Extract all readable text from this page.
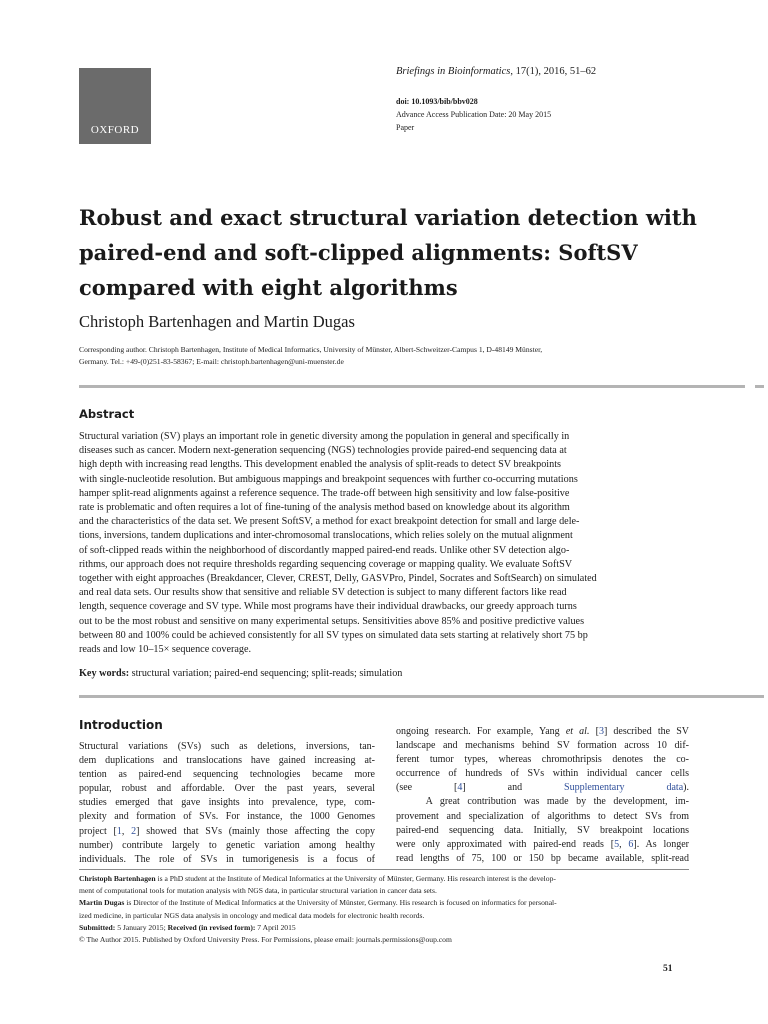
OXFORD
Briefings in Bioinformatics, 17(1), 2016, 51–62
doi: 10.1093/bib/bbv028
Advance Access Publication Date: 20 May 2015
Paper
Robust and exact structural variation detection with
paired-end and soft-clipped alignments: SoftSV
compared with eight algorithms
Christoph Bartenhagen and Martin Dugas
Corresponding author. Christoph Bartenhagen, Institute of Medical Informatics, University of Münster, Albert-Schweitzer-Campus 1, D-48149 Münster,
Germany. Tel.: +49-(0)251-83-58367; E-mail: christoph.bartenhagen@uni-muenster.de
Abstract
Structural variation (SV) plays an important role in genetic diversity among the population in general and specifically in
diseases such as cancer. Modern next-generation sequencing (NGS) technologies provide paired-end sequencing data at
high depth with increasing read lengths. This development enabled the analysis of split-reads to detect SV breakpoints
with single-nucleotide resolution. But ambiguous mappings and breakpoint sequences with further co-occurring mutations
hamper split-read alignments against a reference sequence. The trade-off between high sensitivity and low false-positive
rate is problematic and often requires a lot of fine-tuning of the analysis method based on knowledge about its algorithm
and the characteristics of the data set. We present SoftSV, a method for exact breakpoint detection for small and large dele-
tions, inversions, tandem duplications and inter-chromosomal translocations, which relies solely on the mutual alignment
of soft-clipped reads within the neighborhood of discordantly mapped paired-end reads. Unlike other SV detection algo-
rithms, our approach does not require thresholds regarding sequencing coverage or mapping quality. We evaluate SoftSV
together with eight approaches (Breakdancer, Clever, CREST, Delly, GASVPro, Pindel, Socrates and SoftSearch) on simulated
and real data sets. Our results show that sensitive and reliable SV detection is subject to many different factors like read
length, sequence coverage and SV type. While most programs have their individual drawbacks, our greedy approach turns
out to be the most robust and sensitive on many experimental setups. Sensitivities above 85% and positive predictive values
between 80 and 100% could be achieved consistently for all SV types on simulated data sets starting at relatively short 75 bp
reads and low 10–15× sequence coverage.
Key words: structural variation; paired-end sequencing; split-reads; simulation
Introduction
Structural variations (SVs) such as deletions, inversions, tan-
dem duplications and translocations have gained increasing at-
tention as paired-end sequencing technologies became more
popular, robust and affordable. Over the past years, several
studies emerged that gave insights into prevalence, type, com-
plexity and formation of SVs. For instance, the 1000 Genomes
project [1, 2] showed that SVs (mainly those affecting the copy
number) contribute largely to genetic variation among healthy
individuals. The role of SVs in tumorigenesis is a focus of
ongoing research. For example, Yang et al. [3] described the SV
landscape and mechanisms behind SV formation across 10 dif-
ferent tumor types, whereas chromothripsis denotes the co-
occurrence of hundreds of SVs within individual cancer cells
(see [4] and Supplementary data).
A great contribution was made by the development, im-
provement and specialization of algorithms to detect SVs from
paired-end sequencing data. Initially, SV breakpoint locations
were only approximated with paired-end reads [5, 6]. As longer
read lengths of 75, 100 or 150 bp became available, split-read
Christoph Bartenhagen is a PhD student at the Institute of Medical Informatics at the University of Münster, Germany. His research interest is the develop-
ment of computational tools for mutation analysis with NGS data, in particular structural variation in cancer data sets.
Martin Dugas is Director of the Institute of Medical Informatics at the University of Münster, Germany. His research is focused on informatics for personal-
ized medicine, in particular NGS data analysis in oncology and medical data models for electronic health records.
Submitted: 5 January 2015; Received (in revised form): 7 April 2015
© The Author 2015. Published by Oxford University Press. For Permissions, please email: journals.permissions@oup.com
51
